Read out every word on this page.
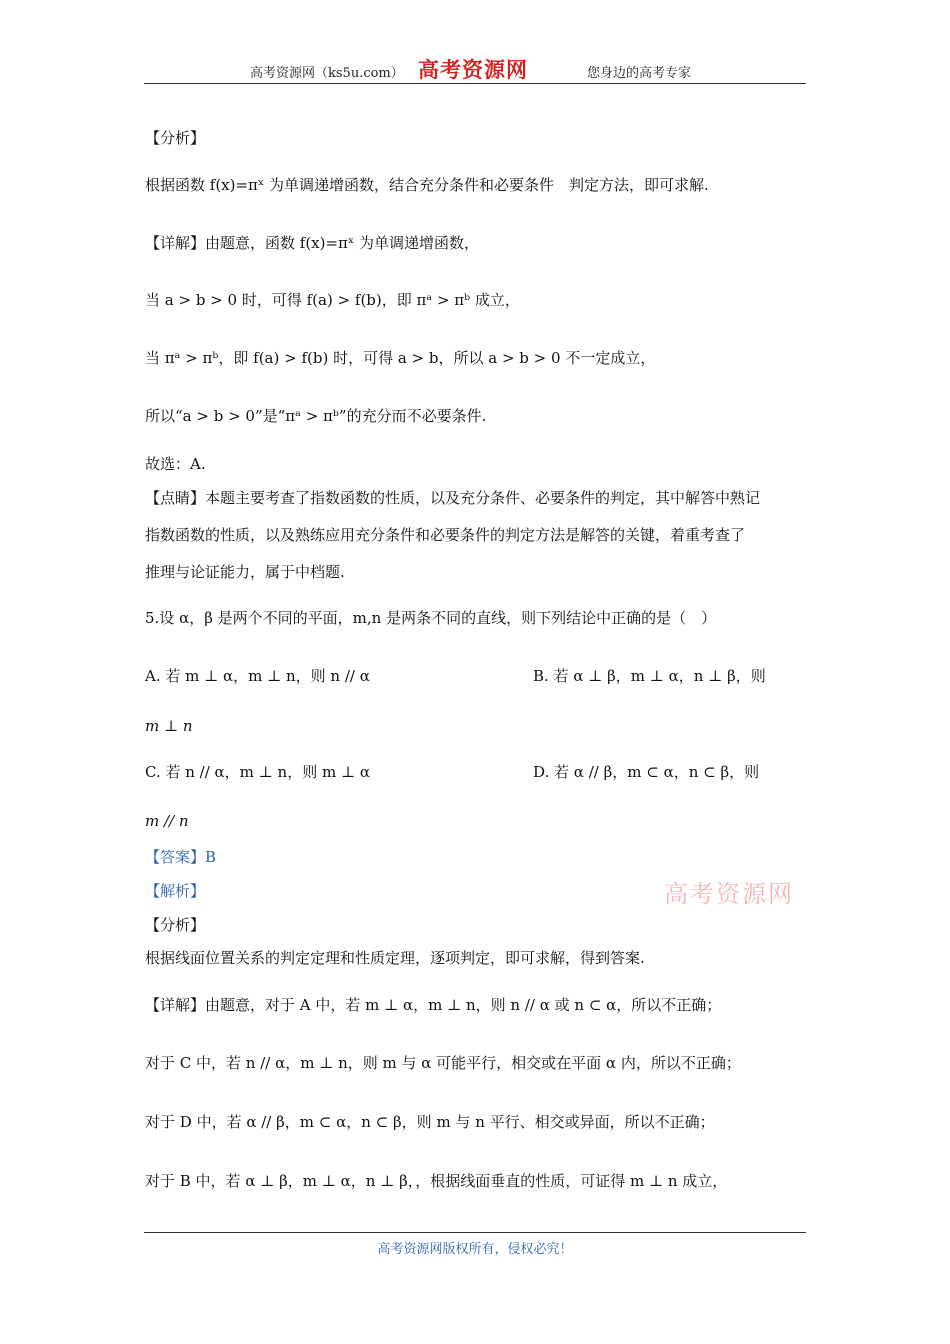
高考资源网（ks5u.com） 高考资源网	您身边的高考专家
【分析】
根据函数 f(x)=πˣ 为单调递增函数，结合充分条件和必要条件　判定方法，即可求解.
【详解】由题意，函数 f(x)=πˣ 为单调递增函数，
当 a > b > 0 时，可得 f(a) > f(b)，即 πᵃ > πᵇ 成立，
当 πᵃ > πᵇ，即 f(a) > f(b) 时，可得 a > b，所以 a > b > 0 不一定成立，
所以“a > b > 0”是“πᵃ > πᵇ”的充分而不必要条件.
故选：A.
【点睛】本题主要考查了指数函数的性质，以及充分条件、必要条件的判定，其中解答中熟记
指数函数的性质，以及熟练应用充分条件和必要条件的判定方法是解答的关键，着重考查了
推理与论证能力，属于中档题.
5.设 α，β 是两个不同的平面，m,n 是两条不同的直线，则下列结论中正确的是（　）
A. 若 m ⊥ α，m ⊥ n，则 n // α	B. 若 α ⊥ β，m ⊥ α，n ⊥ β，则
m ⊥ n
C. 若 n // α，m ⊥ n，则 m ⊥ α	D. 若 α // β，m ⊂ α，n ⊂ β，则
m // n
【答案】B
【解析】	高考资源网
【分析】
根据线面位置关系的判定定理和性质定理，逐项判定，即可求解，得到答案.
【详解】由题意，对于 A 中，若 m ⊥ α，m ⊥ n，则 n // α 或 n ⊂ α，所以不正确；
对于 C 中，若 n // α，m ⊥ n，则 m 与 α 可能平行，相交或在平面 α 内，所以不正确；
对于 D 中，若 α // β，m ⊂ α，n ⊂ β，则 m 与 n 平行、相交或异面，所以不正确；
对于 B 中，若 α ⊥ β，m ⊥ α，n ⊥ β，，根据线面垂直的性质，可证得 m ⊥ n 成立，
高考资源网版权所有，侵权必究！
